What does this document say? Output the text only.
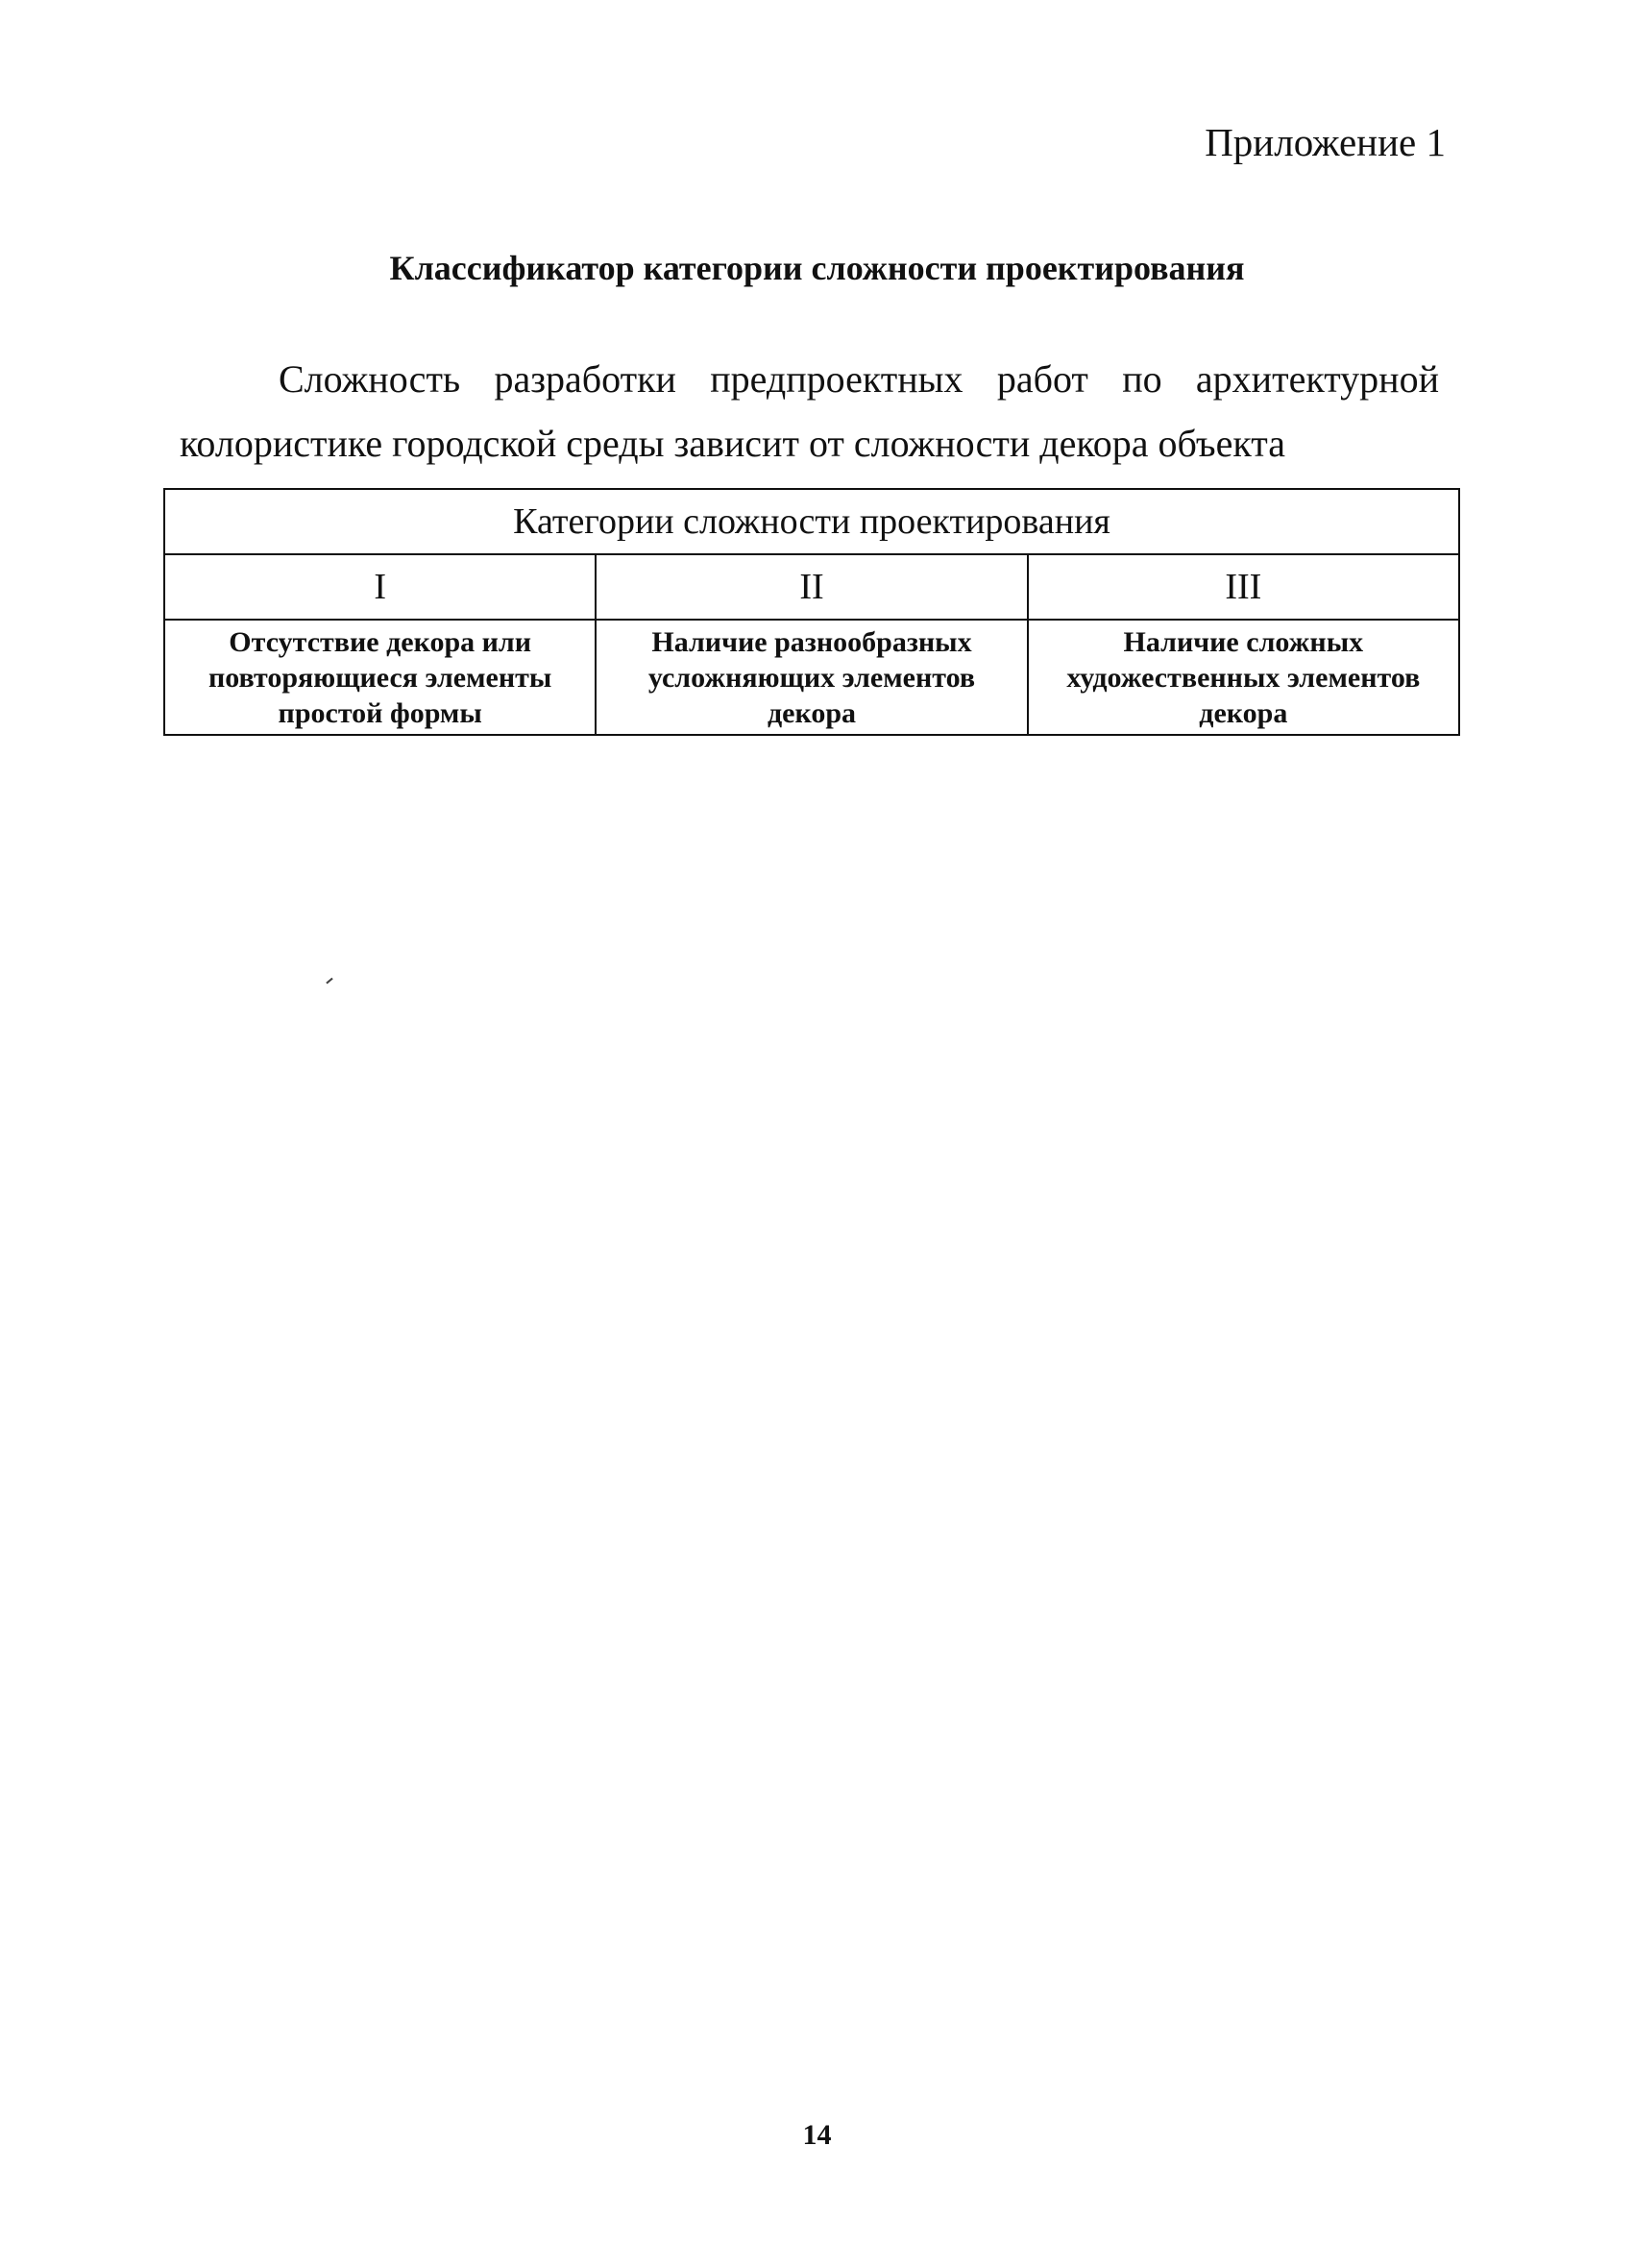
Приложение 1
Классификатор категории сложности проектирования

Сложность разработки предпроектных работ по архитектурной колористике городской среды зависит от сложности декора объекта

Категории сложности проектирования		
I	II	III
Отсутствие декора или повторяющиеся элементы простой формы	Наличие разнообразных усложняющих элементов декора	Наличие сложных художественных элементов декора
14
